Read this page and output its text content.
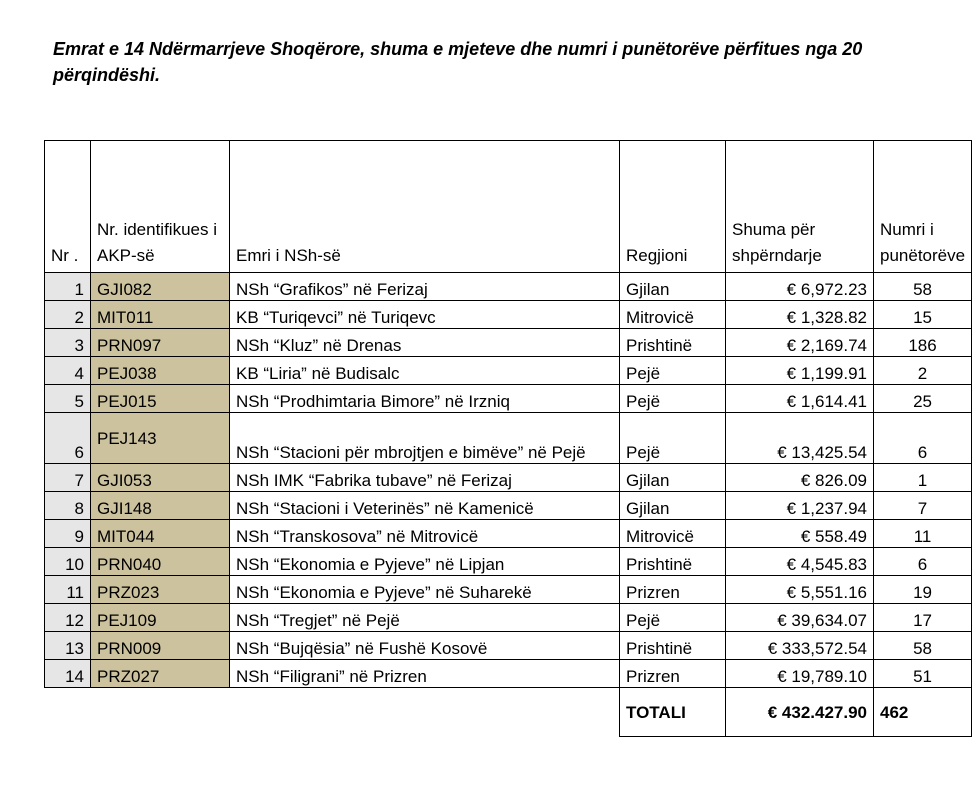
Emrat e 14 Ndërmarrjeve Shoqërore, shuma e mjeteve dhe numri i punëtorëve përfitues nga 20 përqindëshi.
Nr .	Nr. identifikues i AKP-së	Emri i NSh-së	Regjioni	Shuma për shpërndarje	Numri i punëtorëve
1	GJI082	NSh “Grafikos” në Ferizaj	Gjilan	€ 6,972.23	58
2	MIT011	KB “Turiqevci” në Turiqevc	Mitrovicë	€ 1,328.82	15
3	PRN097	NSh “Kluz” në Drenas	Prishtinë	€ 2,169.74	186
4	PEJ038	KB “Liria” në Budisalc	Pejë	€ 1,199.91	2
5	PEJ015	NSh “Prodhimtaria Bimore” në Irzniq	Pejë	€ 1,614.41	25
6	PEJ143	NSh “Stacioni për mbrojtjen e bimëve” në Pejë	Pejë	€ 13,425.54	6
7	GJI053	NSh IMK “Fabrika tubave” në Ferizaj	Gjilan	€ 826.09	1
8	GJI148	NSh “Stacioni i Veterinës” në Kamenicë	Gjilan	€ 1,237.94	7
9	MIT044	NSh “Transkosova” në Mitrovicë	Mitrovicë	€ 558.49	11
10	PRN040	NSh “Ekonomia e Pyjeve” në Lipjan	Prishtinë	€ 4,545.83	6
11	PRZ023	NSh “Ekonomia e Pyjeve” në Suharekë	Prizren	€ 5,551.16	19
12	PEJ109	NSh “Tregjet” në Pejë	Pejë	€ 39,634.07	17
13	PRN009	NSh “Bujqësia” në Fushë Kosovë	Prishtinë	€ 333,572.54	58
14	PRZ027	NSh “Filigrani” në Prizren	Prizren	€ 19,789.10	51
			TOTALI	€ 432.427.90	462
